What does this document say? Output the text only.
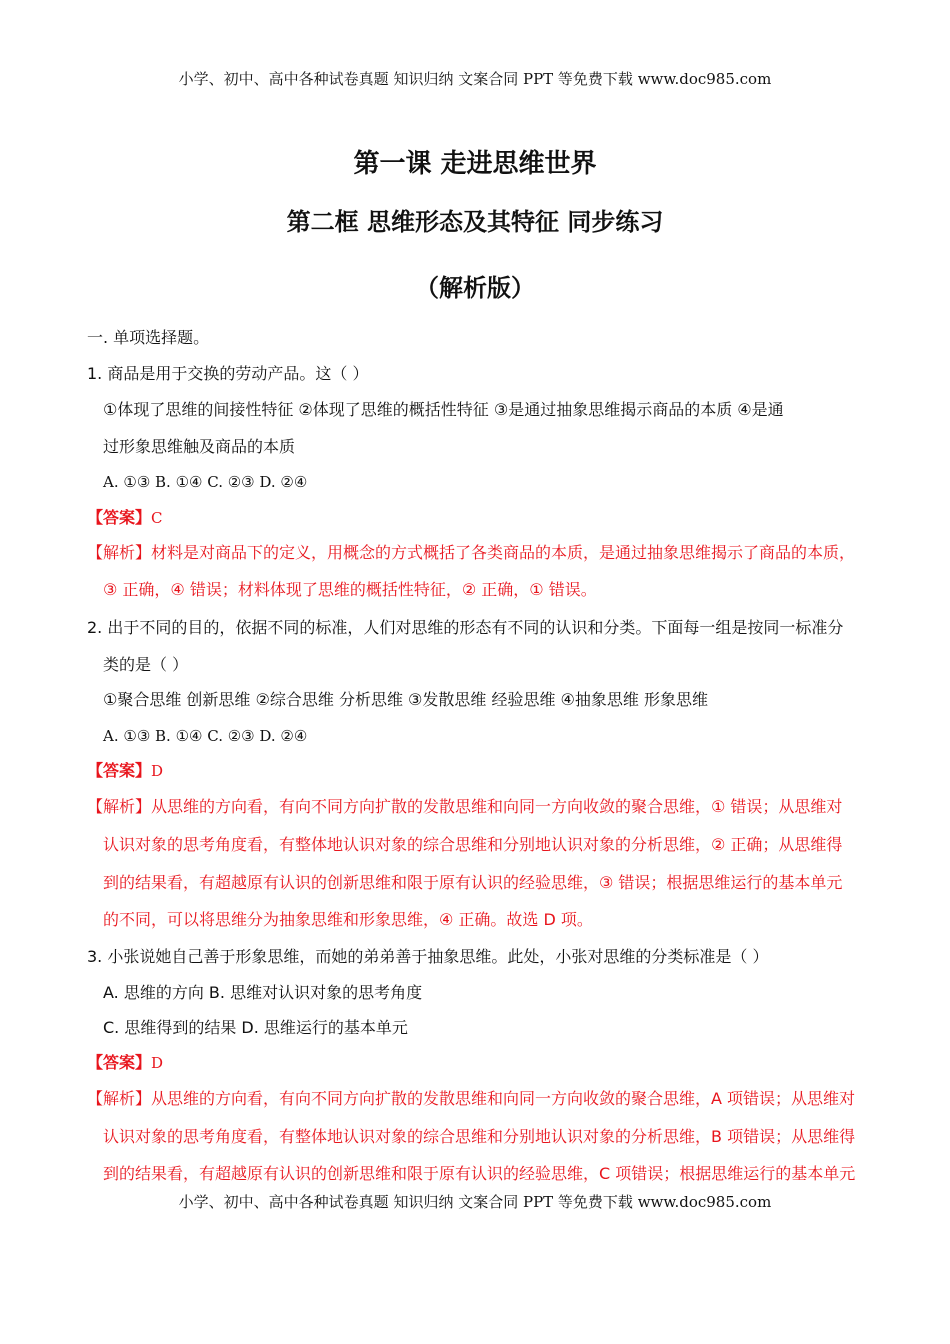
小学、初中、高中各种试卷真题 知识归纳 文案合同 PPT 等免费下载 www.doc985.com
第一课 走进思维世界
第二框 思维形态及其特征 同步练习
（解析版）
一. 单项选择题。
1. 商品是用于交换的劳动产品。这（ ）
①体现了思维的间接性特征 ②体现了思维的概括性特征 ③是通过抽象思维揭示商品的本质 ④是通
过形象思维触及商品的本质
A. ①③ B. ①④ C. ②③ D. ②④
【答案】C
【解析】材料是对商品下的定义，用概念的方式概括了各类商品的本质，是通过抽象思维揭示了商品的本质，
③ 正确，④ 错误；材料体现了思维的概括性特征，② 正确，① 错误。
2. 出于不同的目的，依据不同的标准，人们对思维的形态有不同的认识和分类。下面每一组是按同一标准分
类的是（ ）
①聚合思维 创新思维 ②综合思维 分析思维 ③发散思维 经验思维 ④抽象思维 形象思维
A. ①③ B. ①④ C. ②③ D. ②④
【答案】D
【解析】从思维的方向看，有向不同方向扩散的发散思维和向同一方向收敛的聚合思维，① 错误；从思维对
认识对象的思考角度看，有整体地认识对象的综合思维和分别地认识对象的分析思维，② 正确；从思维得
到的结果看，有超越原有认识的创新思维和限于原有认识的经验思维，③ 错误；根据思维运行的基本单元
的不同，可以将思维分为抽象思维和形象思维，④ 正确。故选 D 项。
3. 小张说她自己善于形象思维，而她的弟弟善于抽象思维。此处，小张对思维的分类标准是（ ）
A. 思维的方向 B. 思维对认识对象的思考角度
C. 思维得到的结果 D. 思维运行的基本单元
【答案】D
【解析】从思维的方向看，有向不同方向扩散的发散思维和向同一方向收敛的聚合思维，A 项错误；从思维对
认识对象的思考角度看，有整体地认识对象的综合思维和分别地认识对象的分析思维，B 项错误；从思维得
到的结果看，有超越原有认识的创新思维和限于原有认识的经验思维，C 项错误；根据思维运行的基本单元
小学、初中、高中各种试卷真题 知识归纳 文案合同 PPT 等免费下载 www.doc985.com
